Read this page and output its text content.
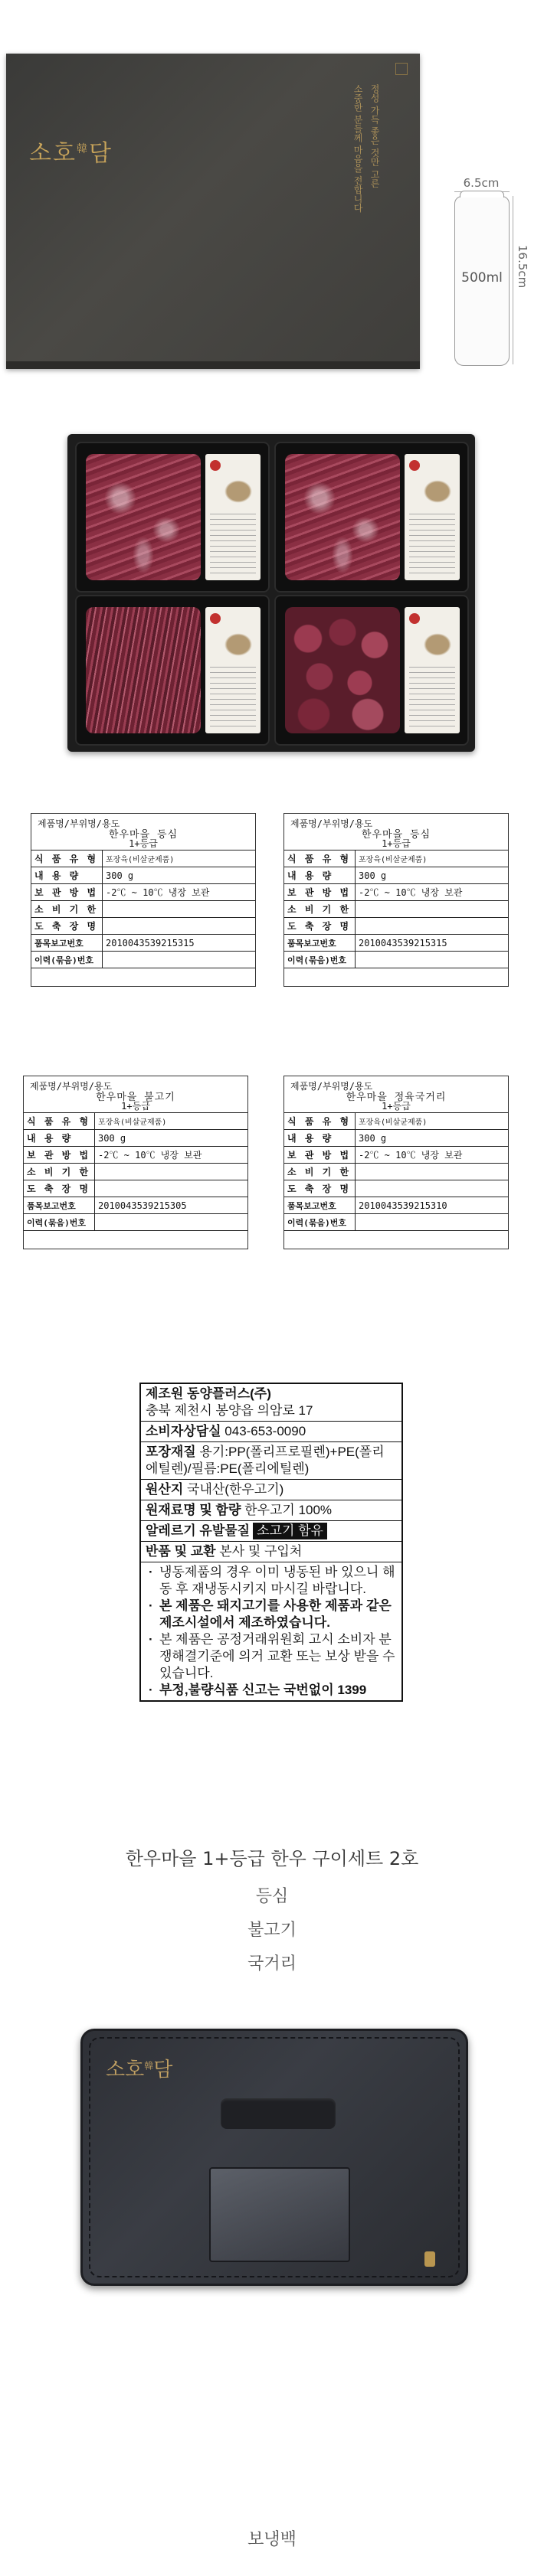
소호$^韓$담	정성 가득 좋은 것만 고른
소중한 분들께 마음을 전합니다	6.5cm
500ml	16.5cm
제품명/부위명/용도
한우마을 등심
1+등급
식 품 유 형	포장육(비살균제품)
내 용 량	300 g
보 관 방 법	-2℃ ~ 10℃ 냉장 보관
소 비 기 한	
도 축 장 명	
품목보고번호	2010043539215315
이력(묶음)번호	
제품명/부위명/용도
한우마을 등심
1+등급
식 품 유 형	포장육(비살균제품)
내 용 량	300 g
보 관 방 법	-2℃ ~ 10℃ 냉장 보관
소 비 기 한	
도 축 장 명	
품목보고번호	2010043539215315
이력(묶음)번호	
제품명/부위명/용도
한우마을 불고기
1+등급
식 품 유 형	포장육(비살균제품)
내 용 량	300 g
보 관 방 법	-2℃ ~ 10℃ 냉장 보관
소 비 기 한	
도 축 장 명	
품목보고번호	2010043539215305
이력(묶음)번호	
제품명/부위명/용도
한우마을 정육국거리
1+등급
식 품 유 형	포장육(비살균제품)
내 용 량	300 g
보 관 방 법	-2℃ ~ 10℃ 냉장 보관
소 비 기 한	
도 축 장 명	
품목보고번호	2010043539215310
이력(묶음)번호	
제조원 동양플러스(주)
충북 제천시 봉양읍 의암로 17
소비자상담실 043-653-0090
포장재질 용기:PP(폴리프로필렌)+PE(폴리에틸렌)/필름:PE(폴리에틸렌)
원산지 국내산(한우고기)
원재료명 및 함량 한우고기 100%
알레르기 유발물질 소고기 함유
반품 및 교환 본사 및 구입처
· 냉동제품의 경우 이미 냉동된 바 있으니 해동 후 재냉동시키지 마시길 바랍니다.
· 본 제품은 돼지고기를 사용한 제품과 같은 제조시설에서 제조하였습니다.
· 본 제품은 공정거래위원회 고시 소비자 분쟁해결기준에 의거 교환 또는 보상 받을 수 있습니다.
· 부정,불량식품 신고는 국번없이 1399
한우마을 1+등급 한우 구이세트 2호
등심
불고기
국거리
소호$^韓$담
보냉백
